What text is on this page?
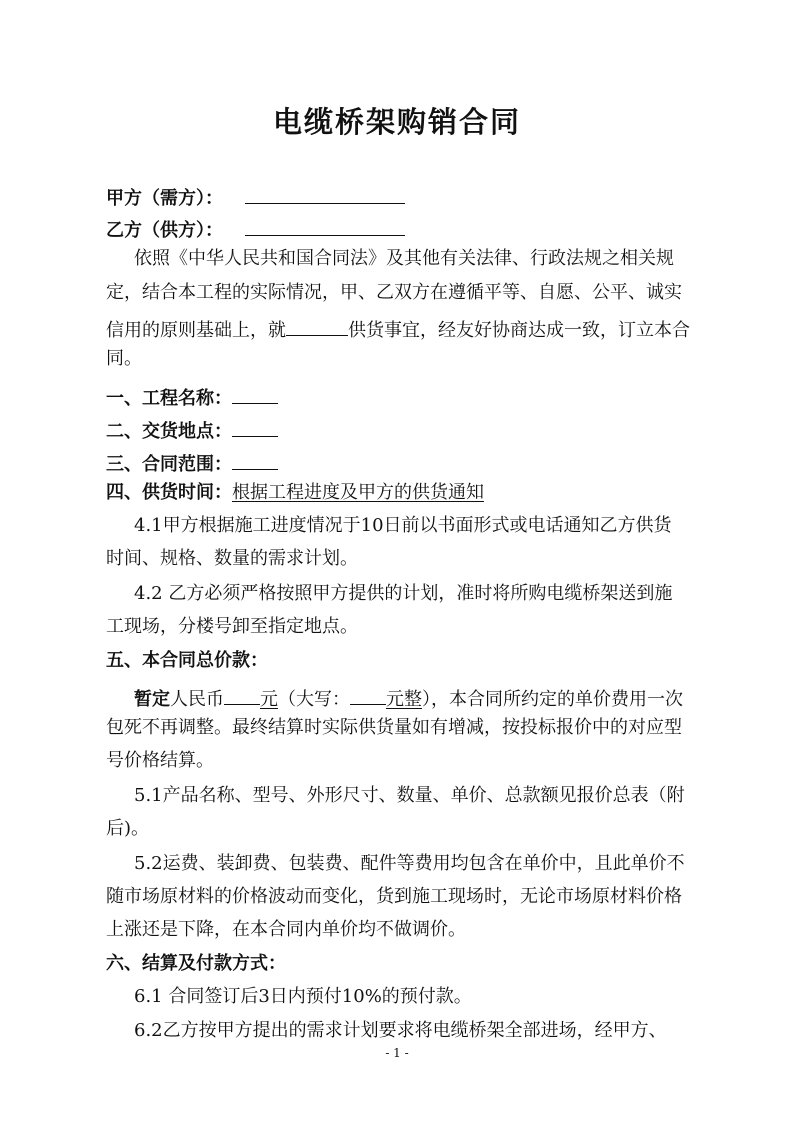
电缆桥架购销合同
甲方（需方）：
乙方（供方）：
依照《中华人民共和国合同法》及其他有关法律、行政法规之相关规
定，结合本工程的实际情况，甲、乙双方在遵循平等、自愿、公平、诚实
信用的原则基础上，就	供货事宜，经友好协商达成一致，订立本合
同。
一、工程名称：
二、交货地点：
三、合同范围：
四、供货时间：根据工程进度及甲方的供货通知
4.1甲方根据施工进度情况于10日前以书面形式或电话通知乙方供货
时间、规格、数量的需求计划。
4.2 乙方必须严格按照甲方提供的计划，准时将所购电缆桥架送到施
工现场，分楼号卸至指定地点。
五、本合同总价款：
暂定人民币 元（大写： 元整），本合同所约定的单价费用一次
包死不再调整。最终结算时实际供货量如有增减，按投标报价中的对应型
号价格结算。
5.1产品名称、型号、外形尺寸、数量、单价、总款额见报价总表（附
后)。
5.2运费、装卸费、包装费、配件等费用均包含在单价中，且此单价不
随市场原材料的价格波动而变化，货到施工现场时，无论市场原材料价格
上涨还是下降，在本合同内单价均不做调价。
六、结算及付款方式：
6.1 合同签订后3日内预付10%的预付款。
6.2乙方按甲方提出的需求计划要求将电缆桥架全部进场，经甲方、
- 1 -
